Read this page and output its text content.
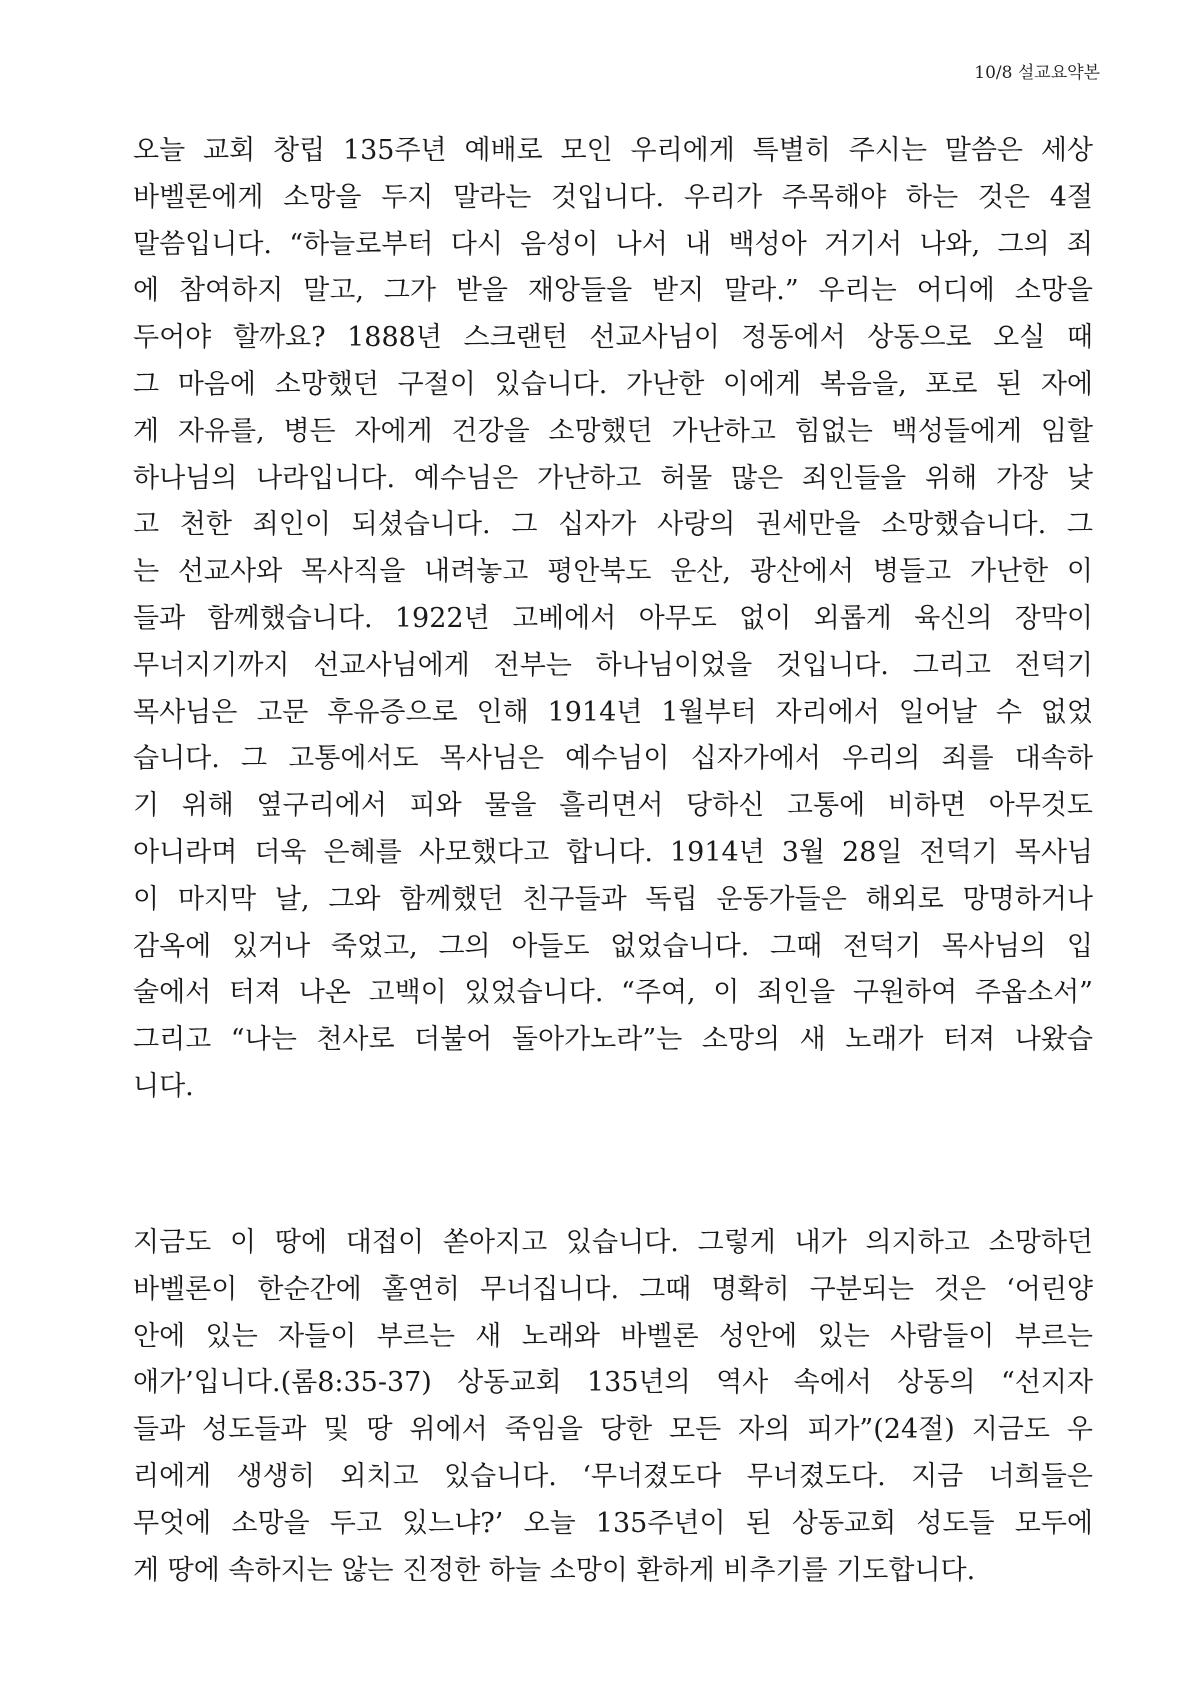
10/8 설교요약본
오늘 교회 창립 135주년 예배로 모인 우리에게 특별히 주시는 말씀은 세상
바벨론에게 소망을 두지 말라는 것입니다. 우리가 주목해야 하는 것은 4절
말씀입니다. “하늘로부터 다시 음성이 나서 내 백성아 거기서 나와, 그의 죄
에 참여하지 말고, 그가 받을 재앙들을 받지 말라.” 우리는 어디에 소망을
두어야 할까요? 1888년 스크랜턴 선교사님이 정동에서 상동으로 오실 때
그 마음에 소망했던 구절이 있습니다. 가난한 이에게 복음을, 포로 된 자에
게 자유를, 병든 자에게 건강을 소망했던 가난하고 힘없는 백성들에게 임할
하나님의 나라입니다. 예수님은 가난하고 허물 많은 죄인들을 위해 가장 낮
고 천한 죄인이 되셨습니다. 그 십자가 사랑의 권세만을 소망했습니다. 그
는 선교사와 목사직을 내려놓고 평안북도 운산, 광산에서 병들고 가난한 이
들과 함께했습니다. 1922년 고베에서 아무도 없이 외롭게 육신의 장막이
무너지기까지 선교사님에게 전부는 하나님이었을 것입니다. 그리고 전덕기
목사님은 고문 후유증으로 인해 1914년 1월부터 자리에서 일어날 수 없었
습니다. 그 고통에서도 목사님은 예수님이 십자가에서 우리의 죄를 대속하
기 위해 옆구리에서 피와 물을 흘리면서 당하신 고통에 비하면 아무것도
아니라며 더욱 은혜를 사모했다고 합니다. 1914년 3월 28일 전덕기 목사님
이 마지막 날, 그와 함께했던 친구들과 독립 운동가들은 해외로 망명하거나
감옥에 있거나 죽었고, 그의 아들도 없었습니다. 그때 전덕기 목사님의 입
술에서 터져 나온 고백이 있었습니다. “주여, 이 죄인을 구원하여 주옵소서”
그리고 “나는 천사로 더불어 돌아가노라”는 소망의 새 노래가 터져 나왔습
니다.
지금도 이 땅에 대접이 쏟아지고 있습니다. 그렇게 내가 의지하고 소망하던
바벨론이 한순간에 홀연히 무너집니다. 그때 명확히 구분되는 것은 ‘어린양
안에 있는 자들이 부르는 새 노래와 바벨론 성안에 있는 사람들이 부르는
애가’입니다.(롬8:35-37) 상동교회 135년의 역사 속에서 상동의 “선지자
들과 성도들과 및 땅 위에서 죽임을 당한 모든 자의 피가”(24절) 지금도 우
리에게 생생히 외치고 있습니다. ‘무너졌도다 무너졌도다. 지금 너희들은
무엇에 소망을 두고 있느냐?’ 오늘 135주년이 된 상동교회 성도들 모두에
게 땅에 속하지는 않는 진정한 하늘 소망이 환하게 비추기를 기도합니다.
